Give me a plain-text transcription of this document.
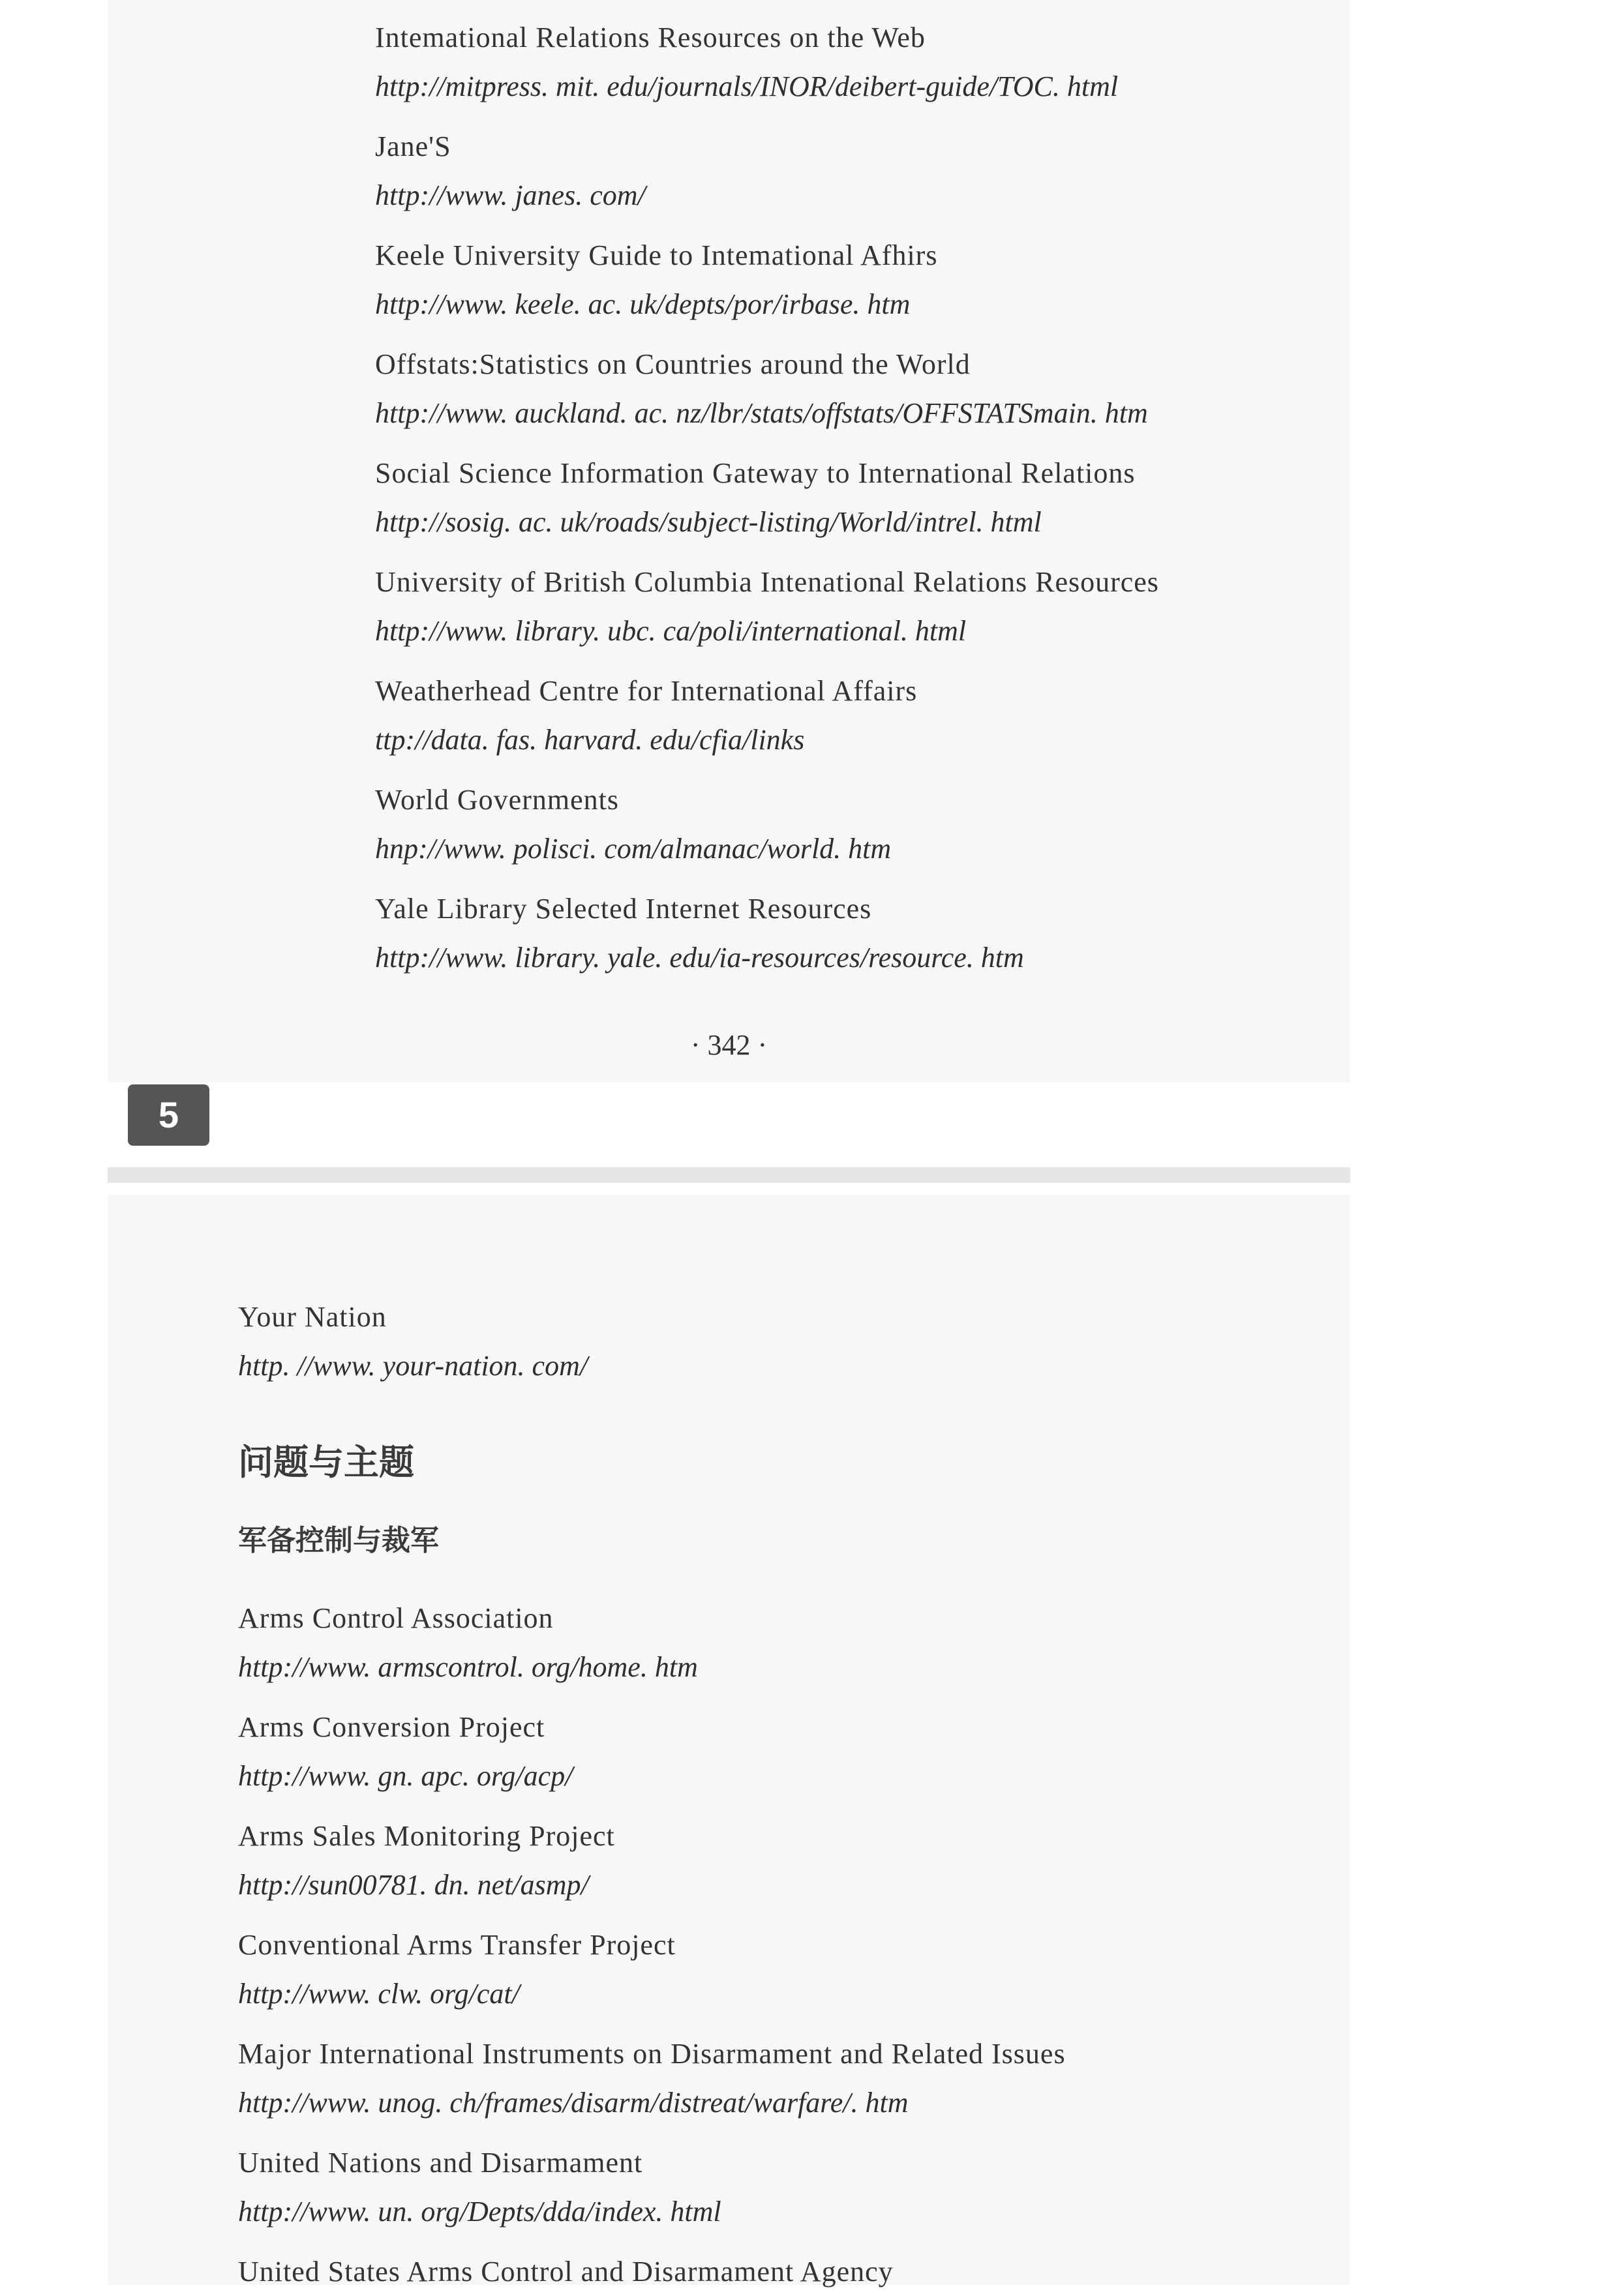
Intemational Relations Resources on the Web
http://mitpress. mit. edu/journals/INOR/deibert-guide/TOC. html
Jane'S
http://www. janes. com/
Keele University Guide to Intemational Afhirs
http://www. keele. ac. uk/depts/por/irbase. htm
Offstats:Statistics on Countries around the World
http://www. auckland. ac. nz/lbr/stats/offstats/OFFSTATSmain. htm
Social Science Information Gateway to International Relations
http://sosig. ac. uk/roads/subject-listing/World/intrel. html
University of British Columbia Intenational Relations Resources
http://www. library. ubc. ca/poli/international. html
Weatherhead Centre for International Affairs
ttp://data. fas. harvard. edu/cfia/links
World Governments
hnp://www. polisci. com/almanac/world. htm
Yale Library Selected Internet Resources
http://www. library. yale. edu/ia-resources/resource. htm
· 342 ·
5
Your Nation
http. //www. your-nation. com/
问题与主题
军备控制与裁军
Arms Control Association
http://www. armscontrol. org/home. htm
Arms Conversion Project
http://www. gn. apc. org/acp/
Arms Sales Monitoring Project
http://sun00781. dn. net/asmp/
Conventional Arms Transfer Project
http://www. clw. org/cat/
Major International Instruments on Disarmament and Related Issues
http://www. unog. ch/frames/disarm/distreat/warfare/. htm
United Nations and Disarmament
http://www. un. org/Depts/dda/index. html
United States Arms Control and Disarmament Agency
